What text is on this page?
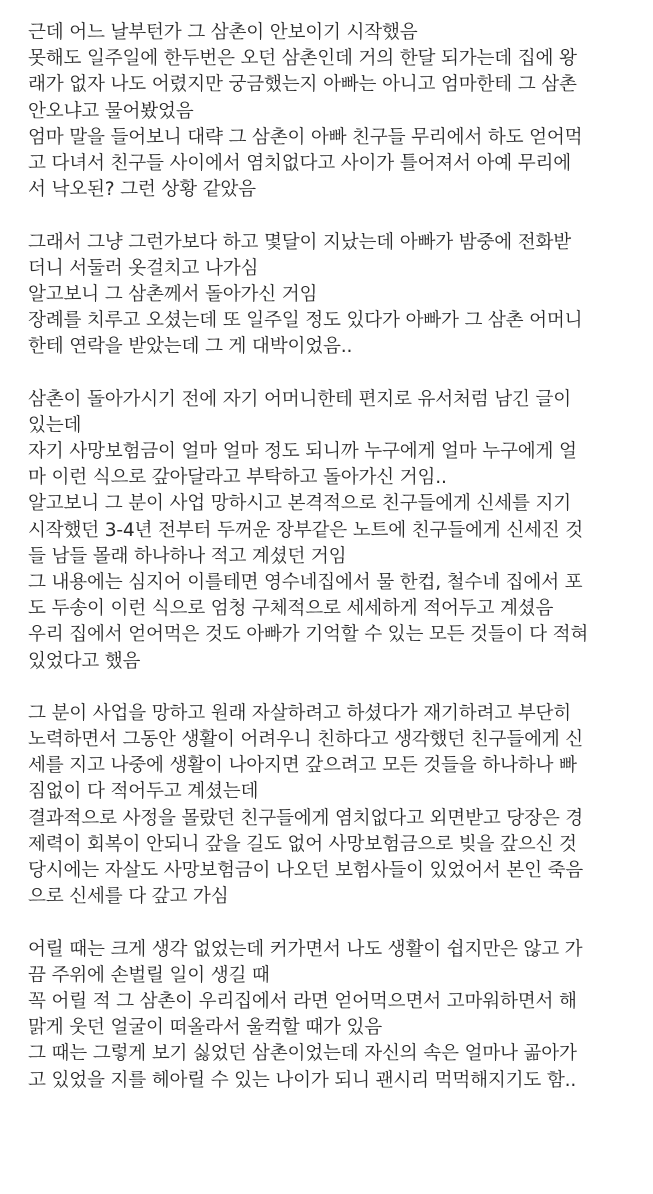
근데 어느 날부턴가 그 삼촌이 안보이기 시작했음
못해도 일주일에 한두번은 오던 삼촌인데 거의 한달 되가는데 집에 왕
래가 없자 나도 어렸지만 궁금했는지 아빠는 아니고 엄마한테 그 삼촌
안오냐고 물어봤었음
엄마 말을 들어보니 대략 그 삼촌이 아빠 친구들 무리에서 하도 얻어먹
고 다녀서 친구들 사이에서 염치없다고 사이가 틀어져서 아예 무리에
서 낙오된? 그런 상황 같았음
그래서 그냥 그런가보다 하고 몇달이 지났는데 아빠가 밤중에 전화받
더니 서둘러 옷걸치고 나가심
알고보니 그 삼촌께서 돌아가신 거임
장례를 치루고 오셨는데 또 일주일 정도 있다가 아빠가 그 삼촌 어머니
한테 연락을 받았는데 그 게 대박이었음..
삼촌이 돌아가시기 전에 자기 어머니한테 편지로 유서처럼 남긴 글이
있는데
자기 사망보험금이 얼마 얼마 정도 되니까 누구에게 얼마 누구에게 얼
마 이런 식으로 갚아달라고 부탁하고 돌아가신 거임..
알고보니 그 분이 사업 망하시고 본격적으로 친구들에게 신세를 지기
시작했던 3-4년 전부터 두꺼운 장부같은 노트에 친구들에게 신세진 것
들 남들 몰래 하나하나 적고 계셨던 거임
그 내용에는 심지어 이를테면 영수네집에서 물 한컵, 철수네 집에서 포
도 두송이 이런 식으로 엄청 구체적으로 세세하게 적어두고 계셨음
우리 집에서 얻어먹은 것도 아빠가 기억할 수 있는 모든 것들이 다 적혀
있었다고 했음
그 분이 사업을 망하고 원래 자살하려고 하셨다가 재기하려고 부단히
노력하면서 그동안 생활이 어려우니 친하다고 생각했던 친구들에게 신
세를 지고 나중에 생활이 나아지면 갚으려고 모든 것들을 하나하나 빠
짐없이 다 적어두고 계셨는데
결과적으로 사정을 몰랐던 친구들에게 염치없다고 외면받고 당장은 경
제력이 회복이 안되니 갚을 길도 없어 사망보험금으로 빚을 갚으신 것
당시에는 자살도 사망보험금이 나오던 보험사들이 있었어서 본인 죽음
으로 신세를 다 갚고 가심
어릴 때는 크게 생각 없었는데 커가면서 나도 생활이 쉽지만은 않고 가
끔 주위에 손벌릴 일이 생길 때
꼭 어릴 적 그 삼촌이 우리집에서 라면 얻어먹으면서 고마워하면서 해
맑게 웃던 얼굴이 떠올라서 울컥할 때가 있음
그 때는 그렇게 보기 싫었던 삼촌이었는데 자신의 속은 얼마나 곪아가
고 있었을 지를 헤아릴 수 있는 나이가 되니 괜시리 먹먹해지기도 함..
